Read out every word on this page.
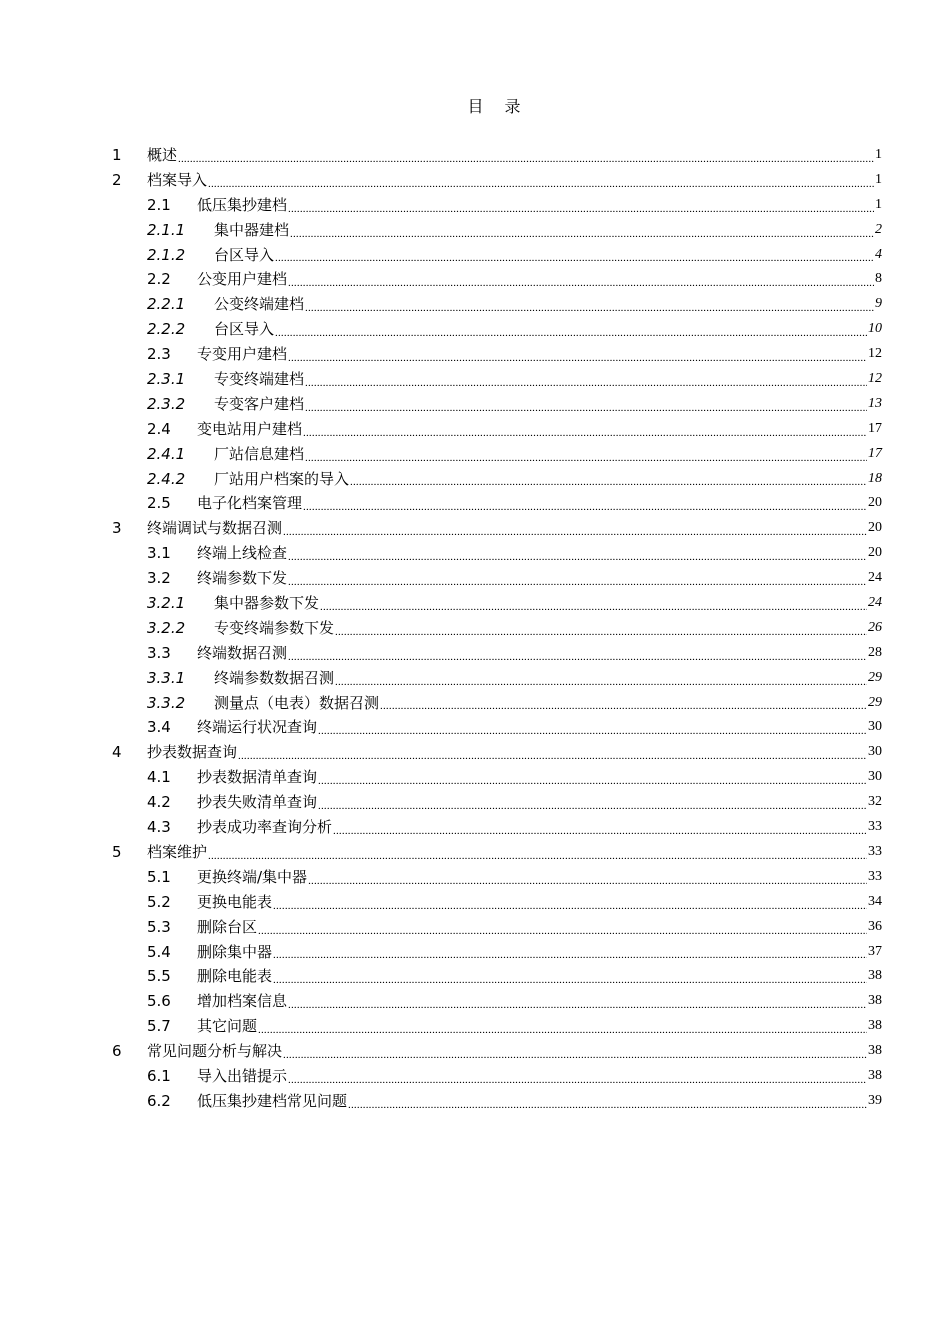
目 录
1	概述 .....	1
2	档案导入 .....	1
2.1	低压集抄建档 .....	1
2.1.1	集中器建档 .....	2
2.1.2	台区导入 .....	4
2.2	公变用户建档 .....	8
2.2.1	公变终端建档 .....	9
2.2.2	台区导入 .....	10
2.3	专变用户建档 .....	12
2.3.1	专变终端建档 .....	12
2.3.2	专变客户建档 .....	13
2.4	变电站用户建档 .....	17
2.4.1	厂站信息建档 .....	17
2.4.2	厂站用户档案的导入 .....	18
2.5	电子化档案管理 .....	20
3	终端调试与数据召测 .....	20
3.1	终端上线检查 .....	20
3.2	终端参数下发 .....	24
3.2.1	集中器参数下发 .....	24
3.2.2	专变终端参数下发 .....	26
3.3	终端数据召测 .....	28
3.3.1	终端参数数据召测 .....	29
3.3.2	测量点（电表）数据召测 .....	29
3.4	终端运行状况查询 .....	30
4	抄表数据查询 .....	30
4.1	抄表数据清单查询 .....	30
4.2	抄表失败清单查询 .....	32
4.3	抄表成功率查询分析 .....	33
5	档案维护 .....	33
5.1	更换终端/集中器 .....	33
5.2	更换电能表 .....	34
5.3	删除台区 .....	36
5.4	删除集中器 .....	37
5.5	删除电能表 .....	38
5.6	增加档案信息 .....	38
5.7	其它问题 .....	38
6	常见问题分析与解决 .....	38
6.1	导入出错提示 .....	38
6.2	低压集抄建档常见问题 .....	39
